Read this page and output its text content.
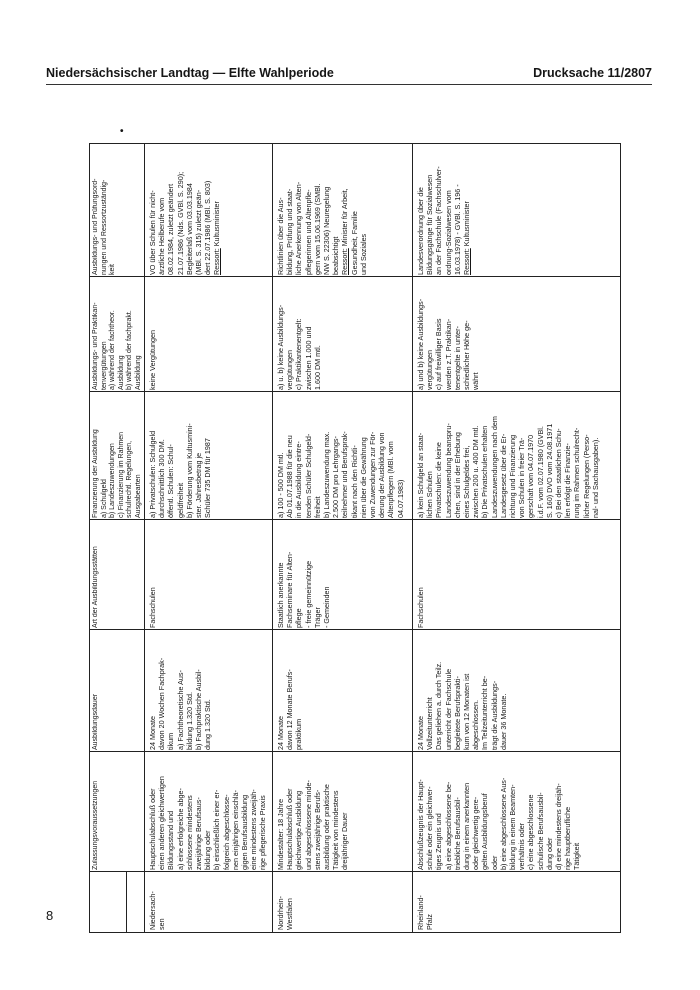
Niedersächsischer Landtag — Elfte Wahlperiode	Drucksache 11/2807
•

Zulassungsvoraussetzungen

Ausbildungsdauer

Art der Ausbildungsstätten

Finanzierung der Ausbildung
a) Schulgeld
b) Landeszuwendungen
c) Finanzierung im Rahmen
schulrechtl. Regelungen,
Ausgabearten

Ausbildungs- und Praktikan-
tenvergütungen
a) während der fachtheor.
Ausbildung
b) während der fachprakt.
Ausbildung

Ausbildungs- und Prüfungsord-
nungen und Ressortzuständig-
keit

Niedersach-
sen

Hauptschulabschluß oder
einen anderen gleichwertigen
Bildungsstand und
a) eine erfolgreiche abge-
schlossene mindestens
zweijährige Berufsaus-
bildung oder
b) einschließlich einer er-
folgreich abgeschlosse-
nen einjährigen einschlä-
gigen Berufsausbildung
eine mindestens zweijäh-
rige pflegerische Praxis

24 Monate
davon 20 Wochen Fachprak-
tikum
a) Fachtheoretische Aus-
bildung 1.320 Std.
b) Fachpraktische Ausbil-
dung 1.320 Std.

Fachschulen

a) Privatschulen: Schulgeld
durchschnittlich 300 DM.
öffentl. Schulen: Schul-
geldfreiheit
b) Förderung vom Kultusmini-
ster. Jahresbetrag je
Schüler 735 DM für 1987

keine Vergütungen

VO über Schulen für nicht-
ärztliche Heilberufe vom
08.02.1984, zuletzt geändert
21.07.1986 (Nds. GVBl. S. 290);
Begleiterlaß vom 03.03.1984
(MBl. S. 315) zuletzt geän-
dert 22.07.1986 (MBl. S. 803)

Ressort: Kultusminister

Nordrhein-
Westfalen

Mindestalter: 18 Jahre
Hauptschulabschluß oder
gleichwertige Ausbildung
und abgeschlossene minde-
stens zweijährige Berufs-
ausbildung oder praktische
Tätigkeit von mindestens
dreijähriger Dauer

24 Monate
davon 12 Monate Berufs-
praktikum

Staatlich anerkannte
Fachseminare für Alten-
pflege
- freie gemeinnützige
Träger
- Gemeinden

a) 100 - 500 DM mtl.
Ab 01.07.1988 für die neu
in die Ausbildung eintre-
tenden Schüler Schulgeld-
freiheit
b) Landeszuwendung max.
2.500 DM pro Lehrgangs-
teilnehmer und Berufsprak-
tikant nach den Richtli-
nien über die Gewährung
von Zuwendungen zur För-
derung der Ausbildung von
Altenpflegern (MBl. vom
04.07.1983)

a) u. b) keine Ausbildungs-
vergütungen
c) Praktikantenentgelt:
zwischen 1.000 und
1.600 DM mtl.

Richtlinien über die Aus-
bildung, Prüfung und staat-
liche Anerkennung von Alten-
pflegerinnen und Altenpfle-
gern vom 15.06.1969 (SMBl.
NW S. 22306) Neuregelung
beabsichtigt Ressort: Minister für Arbeit,
Gesundheit, Familie
und Soziales

Rheinland-
Pfalz

Abschlußzeugnis der Haupt-
schule oder ein gleichwer-
tiges Zeugnis und
a) eine abgeschlossene be-
triebliche Berufsausbil-
dung in einem anerkannten
oder gleichwertig gere-
gelten Ausbildungsberuf
oder
b) eine abgeschlossene Aus-
bildung in einem Beamten-
verhältnis oder
c) eine abgeschlossene
schulische Berufsausbil-
dung oder
d) eine mindestens dreijäh-
rige hauptberufliche
Tätigkeit

24 Monate
Vollzeitunterricht
Das geliehen a. durch Teilz.
unterricht der Fachschule
begleitete Berufsprakti-
kum von 12 Monaten ist
abgeschlossen.
Im Teilzeitunterricht be-
trägt die Ausbildungs-
dauer 36 Monate.

Fachschulen

a) kein Schulgeld an staat-
lichen Schulen
Privatschulen: die keine
Landeszuwendung beanspru-
chen, sind in der Erhebung
eines Schulgeldes frei,
zwischen 200 u. 400 DM mtl.
b) Die Privatschulen erhalten
Landeszuwendungen nach dem
Landesgesetz über die Er-
richtung und Finanzierung
von Schulen in freier Trä-
gerschaft vom 04.07.1970
i.d.F. vom 02.07.1980 (GVBl.
S. 160) DVO vom 24.08.1971
c) Bei den staatlichen Schu-
len erfolgt die Finanzie-
rung im Rahmen schulrecht-
licher Regelungen (Perso-
nal- und Sachausgaben).

a) und b) keine Ausbildungs-
vergütungen
c) auf freiwilliger Basis
werden z.T. Praktikan-
tenentgelte in unter-
schiedlicher Höhe ge-
währt

Landesverordnung über die
Bildungsgänge für Sozialwesen
an der Fachschule (Fachschulver-
ordnung-Sozialwesen vom
16.03.1978) - GVBl. S. 196 -

Ressort: Kultusminister

8
